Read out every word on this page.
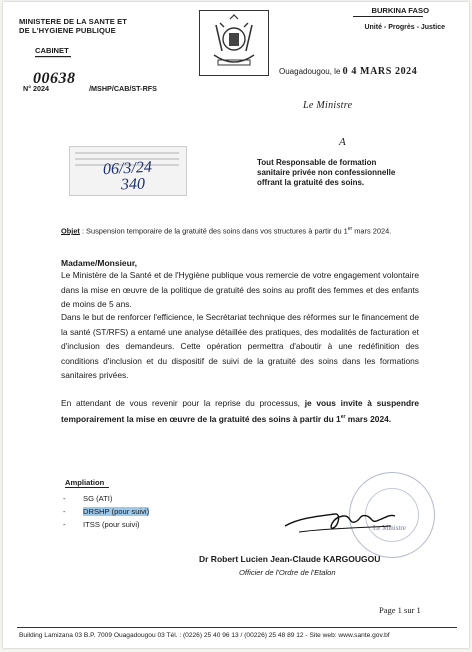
MINISTERE DE LA SANTE ET
DE L'HYGIENE PUBLIQUE
CABINET
00638
N° 2024	/MSHP/CAB/ST-RFS
BURKINA FASO
Unité - Progrès - Justice
Ouagadougou, le 0 4 MARS 2024
Le Ministre
A
Tout Responsable de formation
sanitaire privée non confessionnelle
offrant la gratuité des soins.
06/3/24
340
Objet : Suspension temporaire de la gratuité des soins dans vos structures à partir du 1er mars 2024.
Madame/Monsieur,
Le Ministère de la Santé et de l'Hygiène publique vous remercie de votre engagement volontaire dans la mise en œuvre de la politique de gratuité des soins au profit des femmes et des enfants de moins de 5 ans.
Dans le but de renforcer l'efficience, le Secrétariat technique des réformes sur le financement de la santé (ST/RFS) a entamé une analyse détaillée des pratiques, des modalités de facturation et d'inclusion des demandeurs. Cette opération permettra d'aboutir à une redéfinition des conditions d'inclusion et du dispositif de suivi de la gratuité des soins dans les formations sanitaires privées.
En attendant de vous revenir pour la reprise du processus, je vous invite à suspendre temporairement la mise en œuvre de la gratuité des soins à partir du 1er mars 2024.
Ampliation
- SG (ATI)
- DRSHP (pour suivi)
- ITSS (pour suivi)	Le Ministre
Dr Robert Lucien Jean-Claude KARGOUGOU
Officier de l'Ordre de l'Etalon
Page 1 sur 1
Building Lamizana 03 B.P. 7009 Ouagadougou 03 Tél. : (0226) 25 40 96 13 / (00226) 25 48 89 12 - Site web: www.sante.gov.bf
